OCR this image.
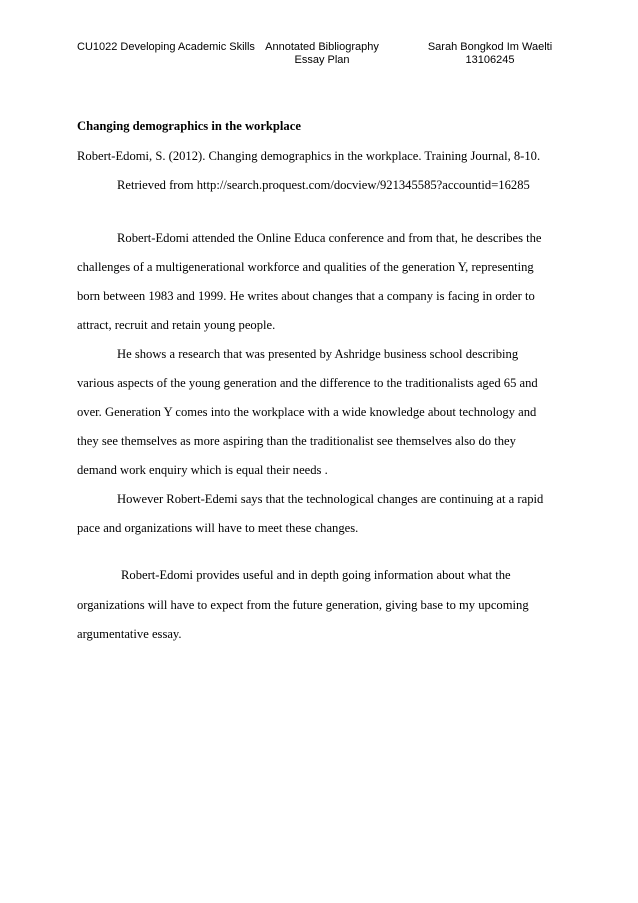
CU1022 Developing Academic Skills Annotated Bibliography
Essay Plan
Sarah Bongkod Im Waelti
13106245
Changing demographics in the workplace
Robert-Edomi, S. (2012). Changing demographics in the workplace. Training Journal, 8-10.
Retrieved from http://search.proquest.com/docview/921345585?accountid=16285
Robert-Edomi attended the Online Educa conference and from that, he describes the
challenges of a multigenerational workforce and qualities of the generation Y, representing
born between 1983 and 1999. He writes about changes that a company is facing in order to
attract, recruit and retain young people.
He shows a research that was presented by Ashridge business school describing
various aspects of the young generation and the difference to the traditionalists aged 65 and
over. Generation Y comes into the workplace with a wide knowledge about technology and
they see themselves as more aspiring than the traditionalist see themselves also do they
demand work enquiry which is equal their needs .
However Robert-Edemi says that the technological changes are continuing at a rapid
pace and organizations will have to meet these changes.
Robert-Edomi provides useful and in depth going information about what the
organizations will have to expect from the future generation, giving base to my upcoming
argumentative essay.
